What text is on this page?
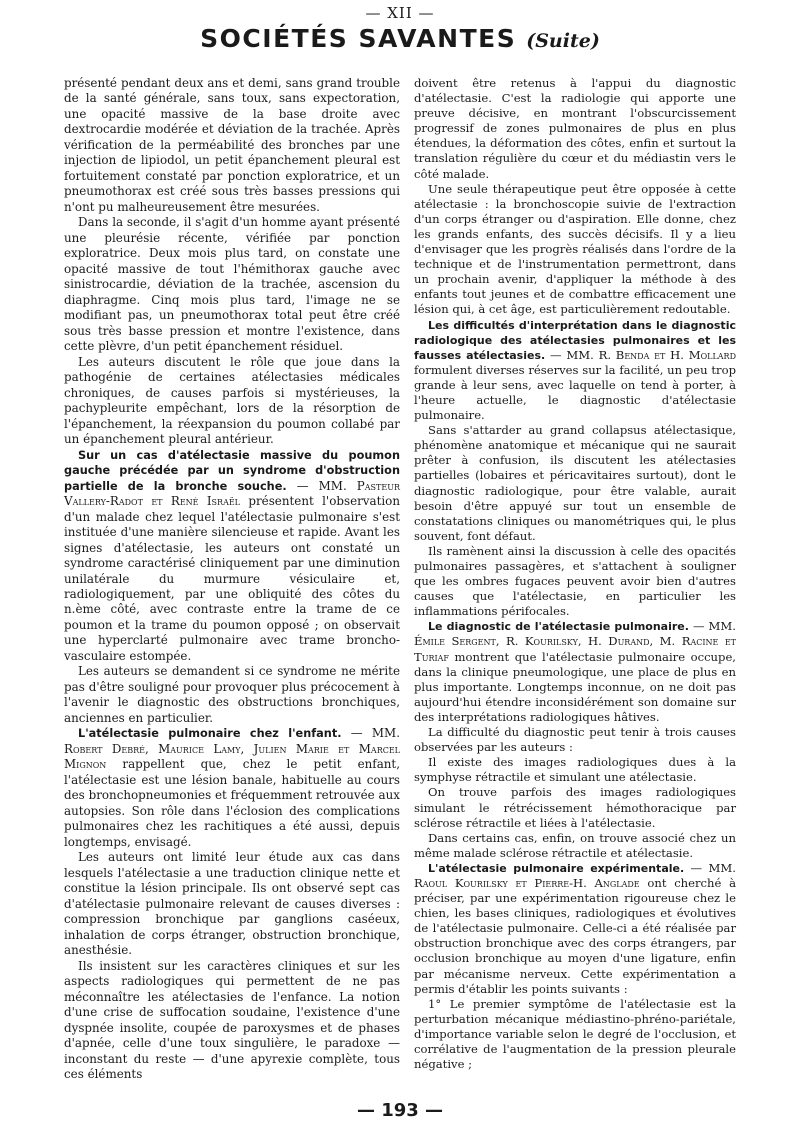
— XII —
SOCIÉTÉS SAVANTES (Suite)

présenté pendant deux ans et demi, sans grand trouble de la santé générale, sans toux, sans expectoration, une opacité massive de la base droite avec dextrocardie modérée et déviation de la trachée. Après vérification de la perméabilité des bronches par une injection de lipiodol, un petit épanchement pleural est fortuitement constaté par ponction exploratrice, et un pneumothorax est créé sous très basses pressions qui n'ont pu malheureusement être mesurées.

Dans la seconde, il s'agit d'un homme ayant présenté une pleurésie récente, vérifiée par ponction exploratrice. Deux mois plus tard, on constate une opacité massive de tout l'hémithorax gauche avec sinistrocardie, déviation de la trachée, ascension du diaphragme. Cinq mois plus tard, l'image ne se modifiant pas, un pneumothorax total peut être créé sous très basse pression et montre l'existence, dans cette plèvre, d'un petit épanchement résiduel.

Les auteurs discutent le rôle que joue dans la pathogénie de certaines atélectasies médicales chroniques, de causes parfois si mystérieuses, la pachypleurite empêchant, lors de la résorption de l'épanchement, la réexpansion du poumon collabé par un épanchement pleural antérieur.

Sur un cas d'atélectasie massive du poumon gauche précédée par un syndrome d'obstruction partielle de la bronche souche. — MM. Pasteur Vallery-Radot et René Israël présentent l'observation d'un malade chez lequel l'atélectasie pulmonaire s'est instituée d'une manière silencieuse et rapide. Avant les signes d'atélectasie, les auteurs ont constaté un syndrome caractérisé cliniquement par une diminution unilatérale du murmure vésiculaire et, radiologiquement, par une obliquité des côtes du n.ème côté, avec contraste entre la trame de ce poumon et la trame du poumon opposé ; on observait une hyperclarté pulmonaire avec trame broncho-vasculaire estompée.

Les auteurs se demandent si ce syndrome ne mérite pas d'être souligné pour provoquer plus précocement à l'avenir le diagnostic des obstructions bronchiques, anciennes en particulier.

L'atélectasie pulmonaire chez l'enfant. — MM. Robert Debré, Maurice Lamy, Julien Marie et Marcel Mignon rappellent que, chez le petit enfant, l'atélectasie est une lésion banale, habituelle au cours des bronchopneumonies et fréquemment retrouvée aux autopsies. Son rôle dans l'éclosion des complications pulmonaires chez les rachitiques a été aussi, depuis longtemps, envisagé.

Les auteurs ont limité leur étude aux cas dans lesquels l'atélectasie a une traduction clinique nette et constitue la lésion principale. Ils ont observé sept cas d'atélectasie pulmonaire relevant de causes diverses : compression bronchique par ganglions caséeux, inhalation de corps étranger, obstruction bronchique, anesthésie.

Ils insistent sur les caractères cliniques et sur les aspects radiologiques qui permettent de ne pas méconnaître les atélectasies de l'enfance. La notion d'une crise de suffocation soudaine, l'existence d'une dyspnée insolite, coupée de paroxysmes et de phases d'apnée, celle d'une toux singulière, le paradoxe — inconstant du reste — d'une apyrexie complète, tous ces éléments

doivent être retenus à l'appui du diagnostic d'atélectasie. C'est la radiologie qui apporte une preuve décisive, en montrant l'obscurcissement progressif de zones pulmonaires de plus en plus étendues, la déformation des côtes, enfin et surtout la translation régulière du cœur et du médiastin vers le côté malade.

Une seule thérapeutique peut être opposée à cette atélectasie : la bronchoscopie suivie de l'extraction d'un corps étranger ou d'aspiration. Elle donne, chez les grands enfants, des succès décisifs. Il y a lieu d'envisager que les progrès réalisés dans l'ordre de la technique et de l'instrumentation permettront, dans un prochain avenir, d'appliquer la méthode à des enfants tout jeunes et de combattre efficacement une lésion qui, à cet âge, est particulièrement redoutable.

Les difficultés d'interprétation dans le diagnostic radiologique des atélectasies pulmonaires et les fausses atélectasies. — MM. R. Benda et H. Mollard formulent diverses réserves sur la facilité, un peu trop grande à leur sens, avec laquelle on tend à porter, à l'heure actuelle, le diagnostic d'atélectasie pulmonaire.

Sans s'attarder au grand collapsus atélectasique, phénomène anatomique et mécanique qui ne saurait prêter à confusion, ils discutent les atélectasies partielles (lobaires et péricavitaires surtout), dont le diagnostic radiologique, pour être valable, aurait besoin d'être appuyé sur tout un ensemble de constatations cliniques ou manométriques qui, le plus souvent, font défaut.

Ils ramènent ainsi la discussion à celle des opacités pulmonaires passagères, et s'attachent à souligner que les ombres fugaces peuvent avoir bien d'autres causes que l'atélectasie, en particulier les inflammations périfocales.

Le diagnostic de l'atélectasie pulmonaire. — MM. Émile Sergent, R. Kourilsky, H. Durand, M. Racine et Turiaf montrent que l'atélectasie pulmonaire occupe, dans la clinique pneumologique, une place de plus en plus importante. Longtemps inconnue, on ne doit pas aujourd'hui étendre inconsidérément son domaine sur des interprétations radiologiques hâtives.

La difficulté du diagnostic peut tenir à trois causes observées par les auteurs :

Il existe des images radiologiques dues à la symphyse rétractile et simulant une atélectasie.

On trouve parfois des images radiologiques simulant le rétrécissement hémothoracique par sclérose rétractile et liées à l'atélectasie.

Dans certains cas, enfin, on trouve associé chez un même malade sclérose rétractile et atélectasie.

L'atélectasie pulmonaire expérimentale. — MM. Raoul Kourilsky et Pierre-H. Anglade ont cherché à préciser, par une expérimentation rigoureuse chez le chien, les bases cliniques, radiologiques et évolutives de l'atélectasie pulmonaire. Celle-ci a été réalisée par obstruction bronchique avec des corps étrangers, par occlusion bronchique au moyen d'une ligature, enfin par mécanisme nerveux. Cette expérimentation a permis d'établir les points suivants :

1° Le premier symptôme de l'atélectasie est la perturbation mécanique médiastino-phréno-pariétale, d'importance variable selon le degré de l'occlusion, et corrélative de l'augmentation de la pression pleurale négative ;

— 193 —
